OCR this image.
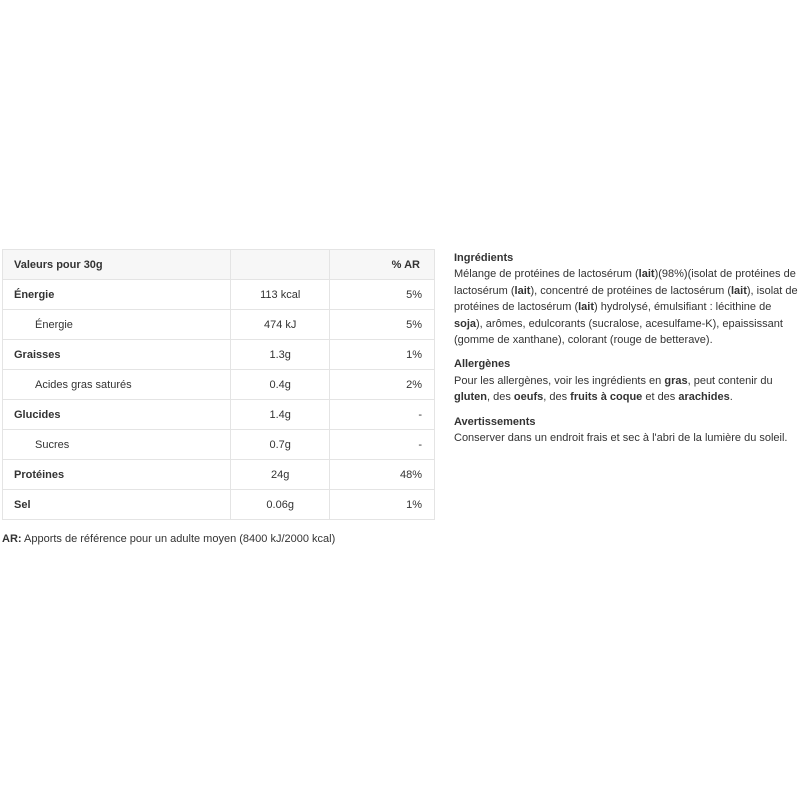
Valeurs pour 30g		% AR
Énergie	113 kcal	5%
Énergie	474 kJ	5%
Graisses	1.3g	1%
Acides gras saturés	0.4g	2%
Glucides	1.4g	-
Sucres	0.7g	-
Protéines	24g	48%
Sel	0.06g	1%
AR: Apports de référence pour un adulte moyen (8400 kJ/2000 kcal)
Ingrédients

Mélange de protéines de lactosérum (lait)(98%)(isolat de protéines de lactosérum (lait), concentré de protéines de lactosérum (lait), isolat de protéines de lactosérum (lait) hydrolysé, émulsifiant : lécithine de soja), arômes, edulcorants (sucralose, acesulfame-K), epaississant (gomme de xanthane), colorant (rouge de betterave).

Allergènes

Pour les allergènes, voir les ingrédients en gras, peut contenir du gluten, des oeufs, des fruits à coque et des arachides.

Avertissements

Conserver dans un endroit frais et sec à l'abri de la lumière du soleil.
